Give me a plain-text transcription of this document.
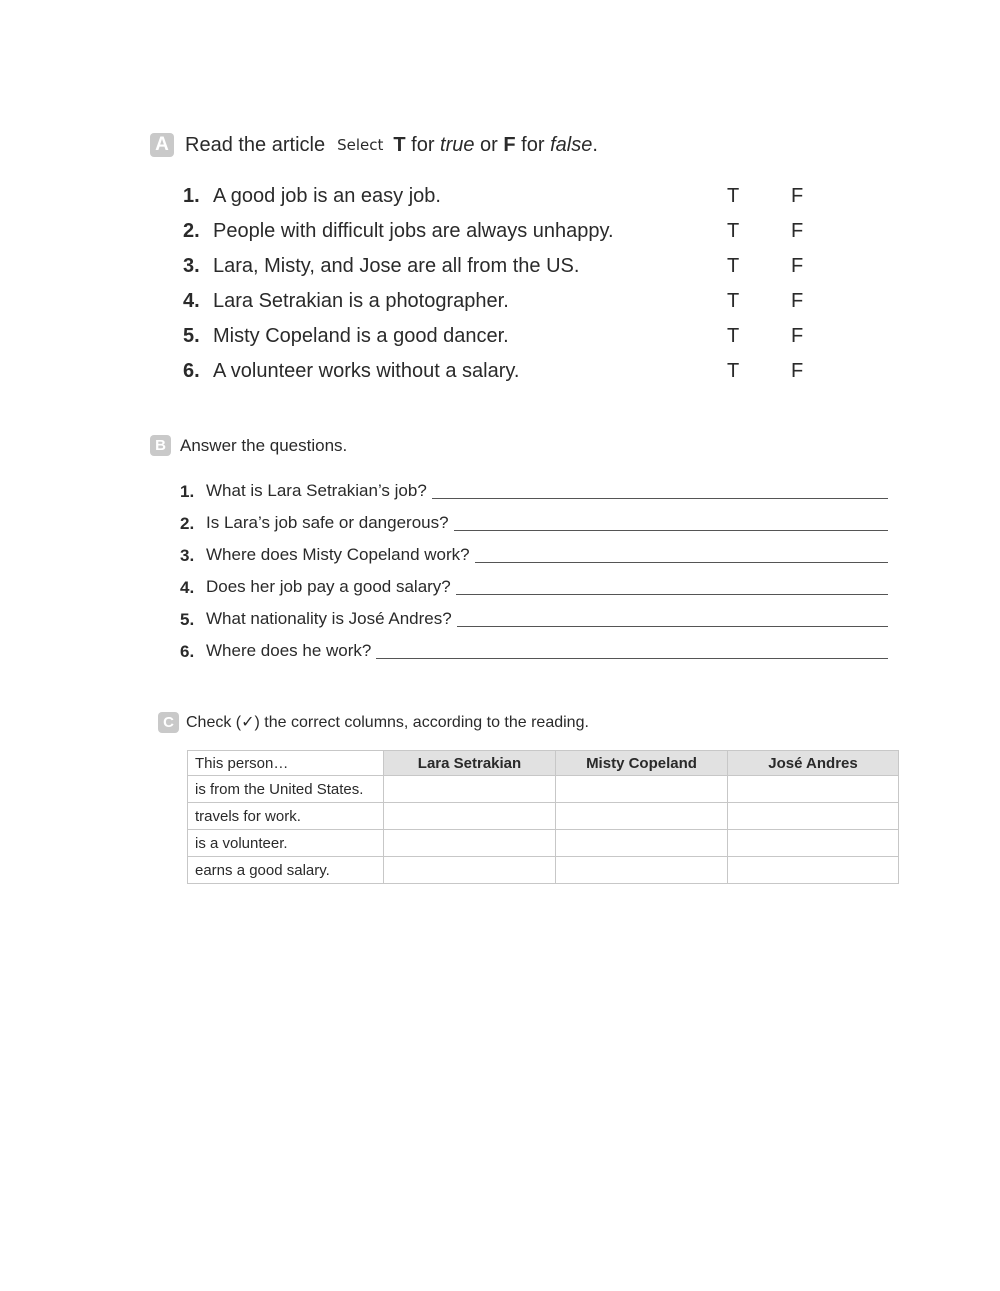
A Read the article Select T for true or F for false.
1. A good job is an easy job.	T	F
2. People with difficult jobs are always unhappy.	T	F
3. Lara, Misty, and Jose are all from the US.	T	F
4. Lara Setrakian is a photographer.	T	F
5. Misty Copeland is a good dancer.	T	F
6. A volunteer works without a salary.	T	F
B Answer the questions.
1. What is Lara Setrakian’s job?
2. Is Lara’s job safe or dangerous?
3. Where does Misty Copeland work?
4. Does her job pay a good salary?
5. What nationality is José Andres?
6. Where does he work?
C Check (✓) the correct columns, according to the reading.
This person…	Lara Setrakian	Misty Copeland	José Andres
is from the United States.			
travels for work.			
is a volunteer.			
earns a good salary.			
